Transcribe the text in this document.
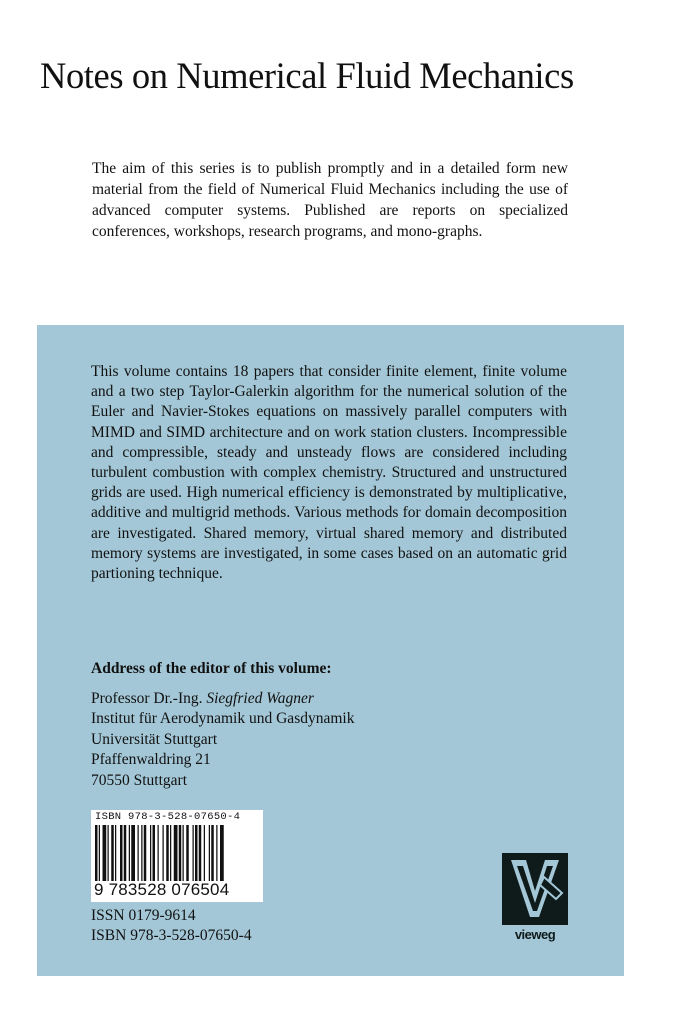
Notes on Numerical Fluid Mechanics
The aim of this series is to publish promptly and in a detailed form new material from the field of Numerical Fluid Mechanics including the use of advanced computer systems. Published are reports on specialized conferences, workshops, research programs, and mono-graphs.
This volume contains 18 papers that consider finite element, finite volume and a two step Taylor-Galerkin algorithm for the numerical solution of the Euler and Navier-Stokes equations on massively parallel computers with MIMD and SIMD architecture and on work station clusters. Incompressible and compressible, steady and unsteady flows are considered including turbulent combustion with complex chemistry. Structured and unstructured grids are used. High numerical efficiency is demonstrated by multiplicative, additive and multigrid methods. Various methods for domain decomposition are investigated. Shared memory, virtual shared memory and distributed memory systems are investigated, in some cases based on an automatic grid partioning technique.
Address of the editor of this volume:
Professor Dr.-Ing. Siegfried Wagner
Institut für Aerodynamik und Gasdynamik
Universität Stuttgart
Pfaffenwaldring 21
70550 Stuttgart
ISBN 978-3-528-07650-4
9 783528 076504
ISSN 0179-9614
ISBN 978-3-528-07650-4	vieweg
